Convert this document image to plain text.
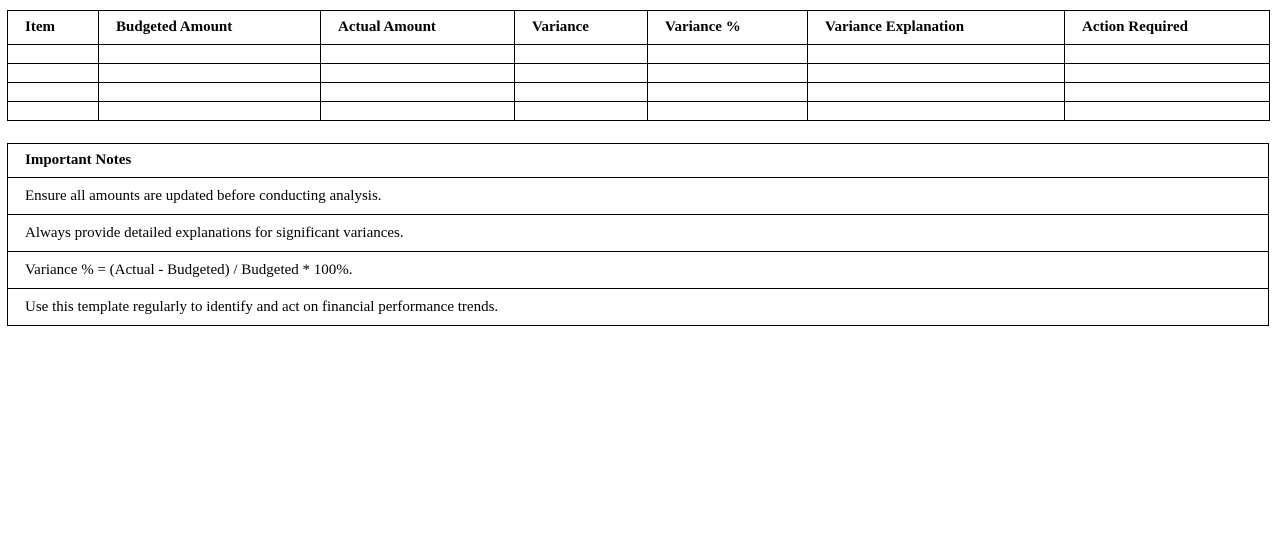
Item	Budgeted Amount	Actual Amount	Variance	Variance %	Variance Explanation	Action Required

Important Notes
Ensure all amounts are updated before conducting analysis.
Always provide detailed explanations for significant variances.
Variance % = (Actual - Budgeted) / Budgeted * 100%.
Use this template regularly to identify and act on financial performance trends.
